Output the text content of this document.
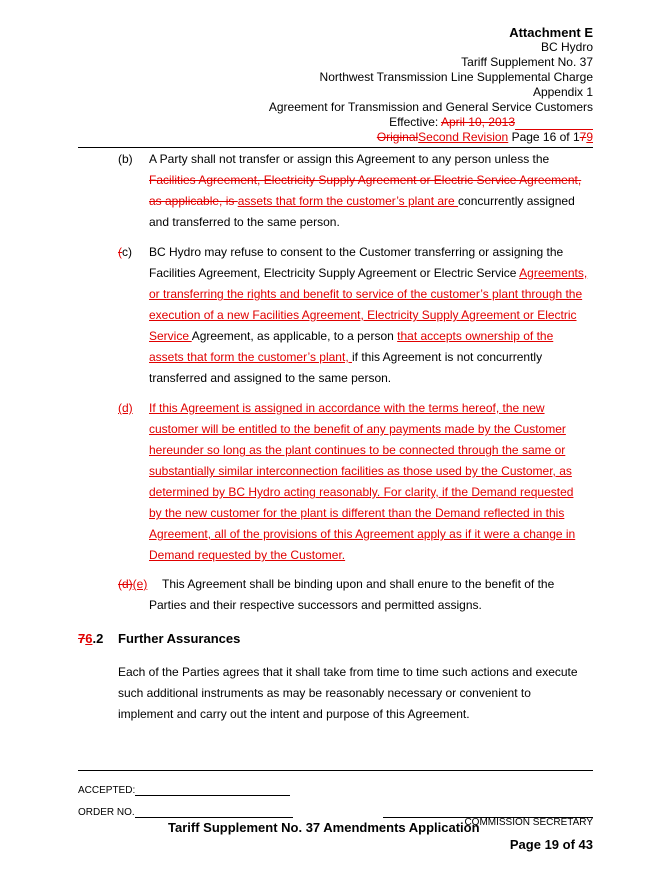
Attachment E
BC Hydro
Tariff Supplement No. 37
Northwest Transmission Line Supplemental Charge
Appendix 1
Agreement for Transmission and General Service Customers
Effective: April 10, 2013
OriginalSecond Revision Page 16 of 179
(b) A Party shall not transfer or assign this Agreement to any person unless the Facilities Agreement, Electricity Supply Agreement or Electric Service Agreement, as applicable, is assets that form the customer’s plant are concurrently assigned and transferred to the same person.
(c) BC Hydro may refuse to consent to the Customer transferring or assigning the Facilities Agreement, Electricity Supply Agreement or Electric Service Agreements, or transferring the rights and benefit to service of the customer’s plant through the execution of a new Facilities Agreement, Electricity Supply Agreement or Electric Service Agreement, as applicable, to a person that accepts ownership of the assets that form the customer’s plant, if this Agreement is not concurrently transferred and assigned to the same person.
(d) If this Agreement is assigned in accordance with the terms hereof, the new customer will be entitled to the benefit of any payments made by the Customer hereunder so long as the plant continues to be connected through the same or substantially similar interconnection facilities as those used by the Customer, as determined by BC Hydro acting reasonably. For clarity, if the Demand requested by the new customer for the plant is different than the Demand reflected in this Agreement, all of the provisions of this Agreement apply as if it were a change in Demand requested by the Customer.
(d)(e)	This Agreement shall be binding upon and shall enure to the benefit of the Parties and their respective successors and permitted assigns.
76.2 Further Assurances
Each of the Parties agrees that it shall take from time to time such actions and execute such additional instruments as may be reasonably necessary or convenient to implement and carry out the intent and purpose of this Agreement.
ACCEPTED:
ORDER NO.
COMMISSION SECRETARY
Tariff Supplement No. 37 Amendments Application
Page 19 of 43
